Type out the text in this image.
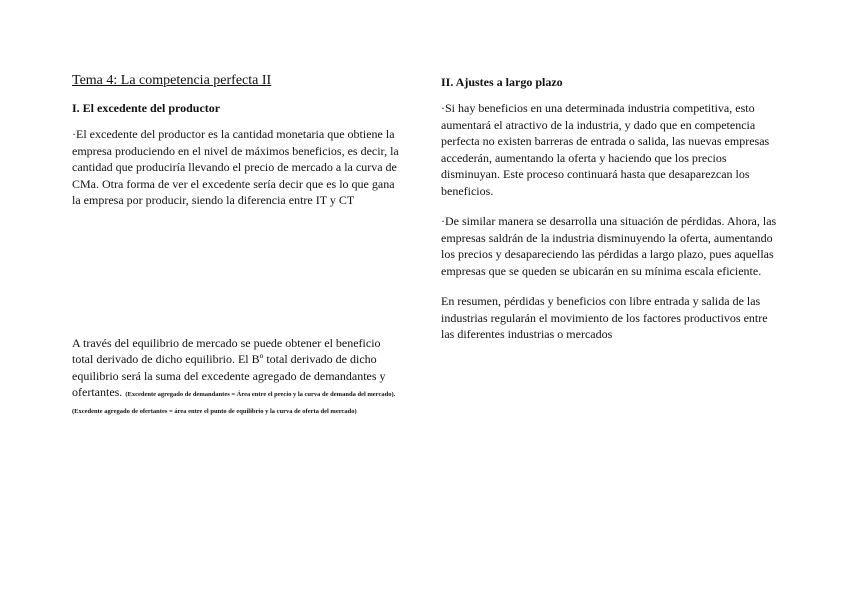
Tema 4: La competencia perfecta II
I. El excedente del productor
·El excedente del productor es la cantidad monetaria que obtiene la empresa produciendo en el nivel de máximos beneficios, es decir, la cantidad que produciría llevando el precio de mercado a la curva de CMa. Otra forma de ver el excedente sería decir que es lo que gana la empresa por producir, siendo la diferencia entre IT y CT
A través del equilibrio de mercado se puede obtener el beneficio total derivado de dicho equilibrio. El Bº total derivado de dicho equilibrio será la suma del excedente agregado de demandantes y ofertantes. (Excedente agregado de demandantes = Área entre el precio y la curva de demanda del mercado). (Excedente agregado de ofertantes = área entre el punto de equilibrio y la curva de oferta del mercado)
II. Ajustes a largo plazo
·Si hay beneficios en una determinada industria competitiva, esto aumentará el atractivo de la industria, y dado que en competencia perfecta no existen barreras de entrada o salida, las nuevas empresas accederán, aumentando la oferta y haciendo que los precios disminuyan. Este proceso continuará hasta que desaparezcan los beneficios.
·De similar manera se desarrolla una situación de pérdidas. Ahora, las empresas saldrán de la industria disminuyendo la oferta, aumentando los precios y desapareciendo las pérdidas a largo plazo, pues aquellas empresas que se queden se ubicarán en su mínima escala eficiente.
En resumen, pérdidas y beneficios con libre entrada y salida de las industrias regularán el movimiento de los factores productivos entre las diferentes industrias o mercados
